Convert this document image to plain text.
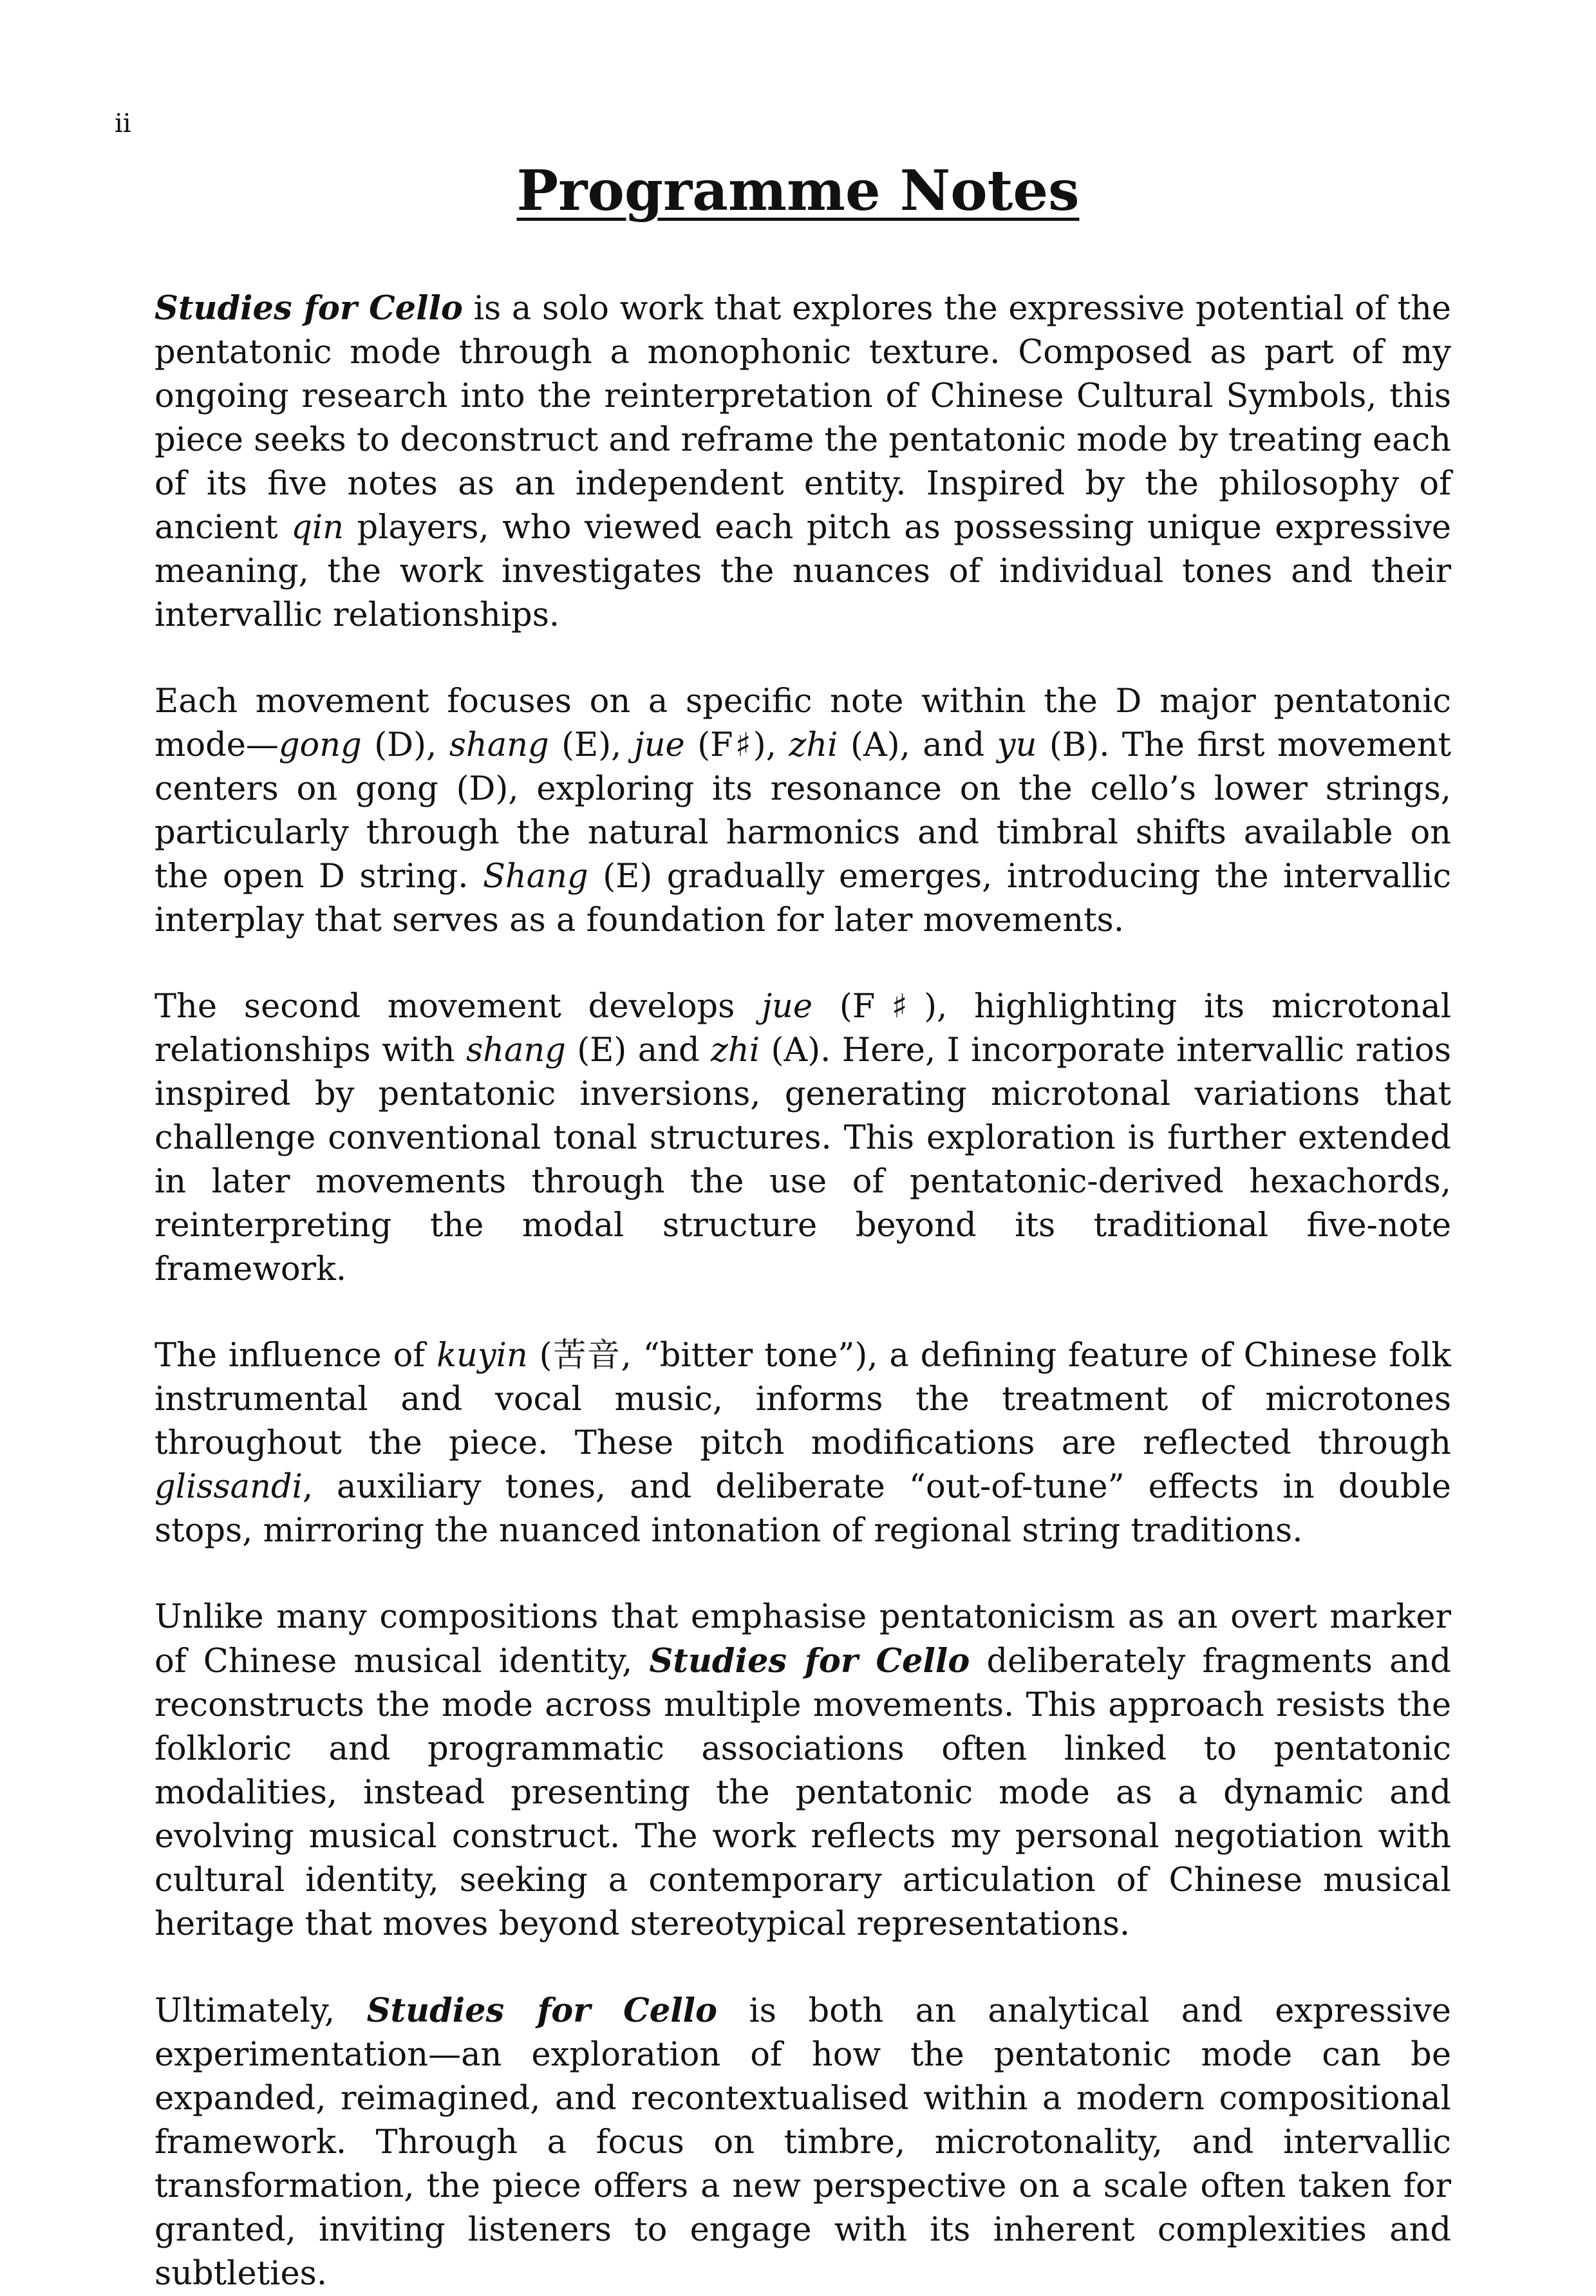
ii
Programme Notes

Studies for Cello is a solo work that explores the expressive potential of the pentatonic mode through a monophonic texture. Composed as part of my ongoing research into the reinterpretation of Chinese Cultural Symbols, this piece seeks to deconstruct and reframe the pentatonic mode by treating each of its five notes as an independent entity. Inspired by the philosophy of ancient qin players, who viewed each pitch as possessing unique expressive meaning, the work investigates the nuances of individual tones and their intervallic relationships.

Each movement focuses on a specific note within the D major pentatonic mode—gong (D), shang (E), jue (F♯), zhi (A), and yu (B). The first movement centers on gong (D), exploring its resonance on the cello’s lower strings, particularly through the natural harmonics and timbral shifts available on the open D string. Shang (E) gradually emerges, introducing the intervallic interplay that serves as a foundation for later movements.

The second movement develops jue (F♯), highlighting its microtonal relationships with shang (E) and zhi (A). Here, I incorporate intervallic ratios inspired by pentatonic inversions, generating microtonal variations that challenge conventional tonal structures. This exploration is further extended in later movements through the use of pentatonic-derived hexachords, reinterpreting the modal structure beyond its traditional five-note framework.

The influence of kuyin (苦音, “bitter tone”), a defining feature of Chinese folk instrumental and vocal music, informs the treatment of microtones throughout the piece. These pitch modifications are reflected through glissandi, auxiliary tones, and deliberate “out-of-tune” effects in double stops, mirroring the nuanced intonation of regional string traditions.

Unlike many compositions that emphasise pentatonicism as an overt marker of Chinese musical identity, Studies for Cello deliberately fragments and reconstructs the mode across multiple movements. This approach resists the folkloric and programmatic associations often linked to pentatonic modalities, instead presenting the pentatonic mode as a dynamic and evolving musical construct. The work reflects my personal negotiation with cultural identity, seeking a contemporary articulation of Chinese musical heritage that moves beyond stereotypical representations.

Ultimately, Studies for Cello is both an analytical and expressive experimentation—an exploration of how the pentatonic mode can be expanded, reimagined, and recontextualised within a modern compositional framework. Through a focus on timbre, microtonality, and intervallic transformation, the piece offers a new perspective on a scale often taken for granted, inviting listeners to engage with its inherent complexities and subtleties.
